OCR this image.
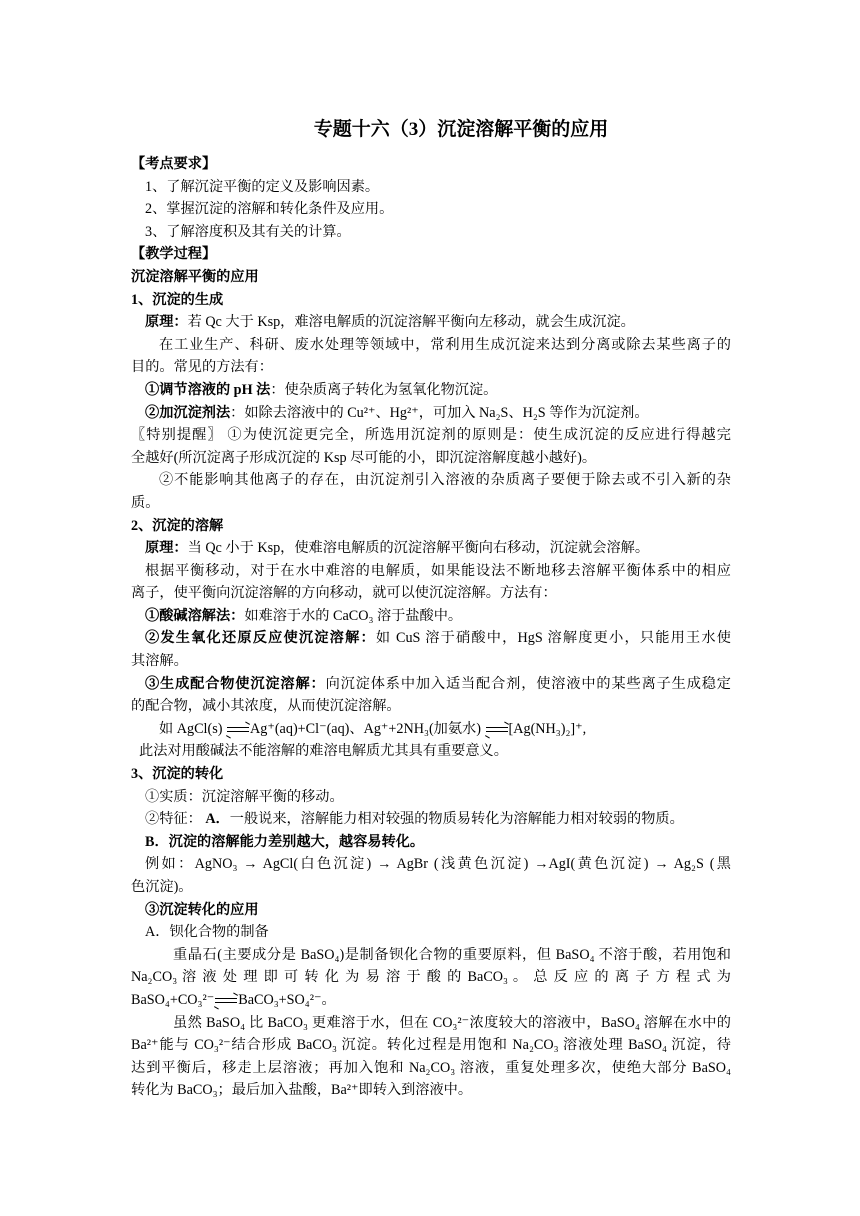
专题十六（3）沉淀溶解平衡的应用
【考点要求】
1、了解沉淀平衡的定义及影响因素。
2、掌握沉淀的溶解和转化条件及应用。
3、了解溶度积及其有关的计算。
【教学过程】
沉淀溶解平衡的应用
1、沉淀的生成
原理：若 Qc 大于 Ksp，难溶电解质的沉淀溶解平衡向左移动，就会生成沉淀。
在工业生产、科研、废水处理等领域中，常利用生成沉淀来达到分离或除去某些离子的
目的。常见的方法有：
①调节溶液的 pH 法：使杂质离子转化为氢氧化物沉淀。
②加沉淀剂法：如除去溶液中的 Cu²⁺、Hg²⁺，可加入 Na₂S、H₂S 等作为沉淀剂。
〖特别提醒〗 ①为使沉淀更完全，所选用沉淀剂的原则是：使生成沉淀的反应进行得越完
全越好(所沉淀离子形成沉淀的 Ksp 尽可能的小，即沉淀溶解度越小越好)。
②不能影响其他离子的存在，由沉淀剂引入溶液的杂质离子要便于除去或不引入新的杂
质。
2、沉淀的溶解
原理：当 Qc 小于 Ksp，使难溶电解质的沉淀溶解平衡向右移动，沉淀就会溶解。
根据平衡移动，对于在水中难溶的电解质，如果能设法不断地移去溶解平衡体系中的相应
离子，使平衡向沉淀溶解的方向移动，就可以使沉淀溶解。方法有：
①酸碱溶解法：如难溶于水的 CaCO₃ 溶于盐酸中。
②发生氧化还原反应使沉淀溶解：如 CuS 溶于硝酸中，HgS 溶解度更小，只能用王水使
其溶解。
③生成配合物使沉淀溶解：向沉淀体系中加入适当配合剂，使溶液中的某些离子生成稳定
的配合物，减小其浓度，从而使沉淀溶解。
如 AgCl(s) →Ag⁺(aq)+Cl⁻(aq)、Ag⁺+2NH₃(加氨水) →[Ag(NH₃)₂]⁺,
此法对用酸碱法不能溶解的难溶电解质尤其具有重要意义。
3、沉淀的转化
①实质：沉淀溶解平衡的移动。
②特征： A．一般说来，溶解能力相对较强的物质易转化为溶解能力相对较弱的物质。
B．沉淀的溶解能力差别越大，越容易转化。
例如：AgNO₃ → AgCl(白色沉淀) → AgBr (浅黄色沉淀) →AgI(黄色沉淀) → Ag₂S (黑
色沉淀)。
③沉淀转化的应用
A．钡化合物的制备
重晶石(主要成分是 BaSO₄)是制备钡化合物的重要原料，但 BaSO₄ 不溶于酸，若用饱和
Na₂CO₃ 溶 液 处 理 即 可 转 化 为 易 溶 于 酸 的 BaCO₃ 。 总 反 应 的 离 子 方 程 式 为
BaSO₄+CO₃²⁻→BaCO₃+SO₄²⁻。
虽然 BaSO₄ 比 BaCO₃ 更难溶于水，但在 CO₃²⁻浓度较大的溶液中，BaSO₄ 溶解在水中的
Ba²⁺能与 CO₃²⁻结合形成 BaCO₃ 沉淀。转化过程是用饱和 Na₂CO₃ 溶液处理 BaSO₄ 沉淀，待
达到平衡后，移走上层溶液；再加入饱和 Na₂CO₃ 溶液，重复处理多次，使绝大部分 BaSO₄
转化为 BaCO₃；最后加入盐酸，Ba²⁺即转入到溶液中。
